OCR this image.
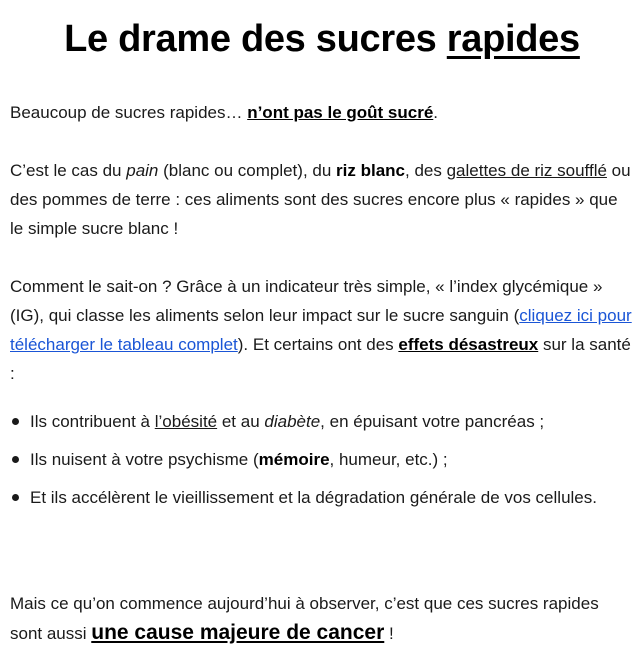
Le drame des sucres rapides

Beaucoup de sucres rapides… n’ont pas le goût sucré.

C’est le cas du pain (blanc ou complet), du riz blanc, des galettes de riz soufflé ou des pommes de terre : ces aliments sont des sucres encore plus « rapides » que le simple sucre blanc !

Comment le sait-on ? Grâce à un indicateur très simple, « l’index glycémique » (IG), qui classe les aliments selon leur impact sur le sucre sanguin (cliquez ici pour télécharger le tableau complet). Et certains ont des effets désastreux sur la santé :

Ils contribuent à l’obésité et au diabète, en épuisant votre pancréas ;
Ils nuisent à votre psychisme (mémoire, humeur, etc.) ;
Et ils accélèrent le vieillissement et la dégradation générale de vos cellules.

Mais ce qu’on commence aujourd’hui à observer, c’est que ces sucres rapides sont aussi une cause majeure de cancer !
